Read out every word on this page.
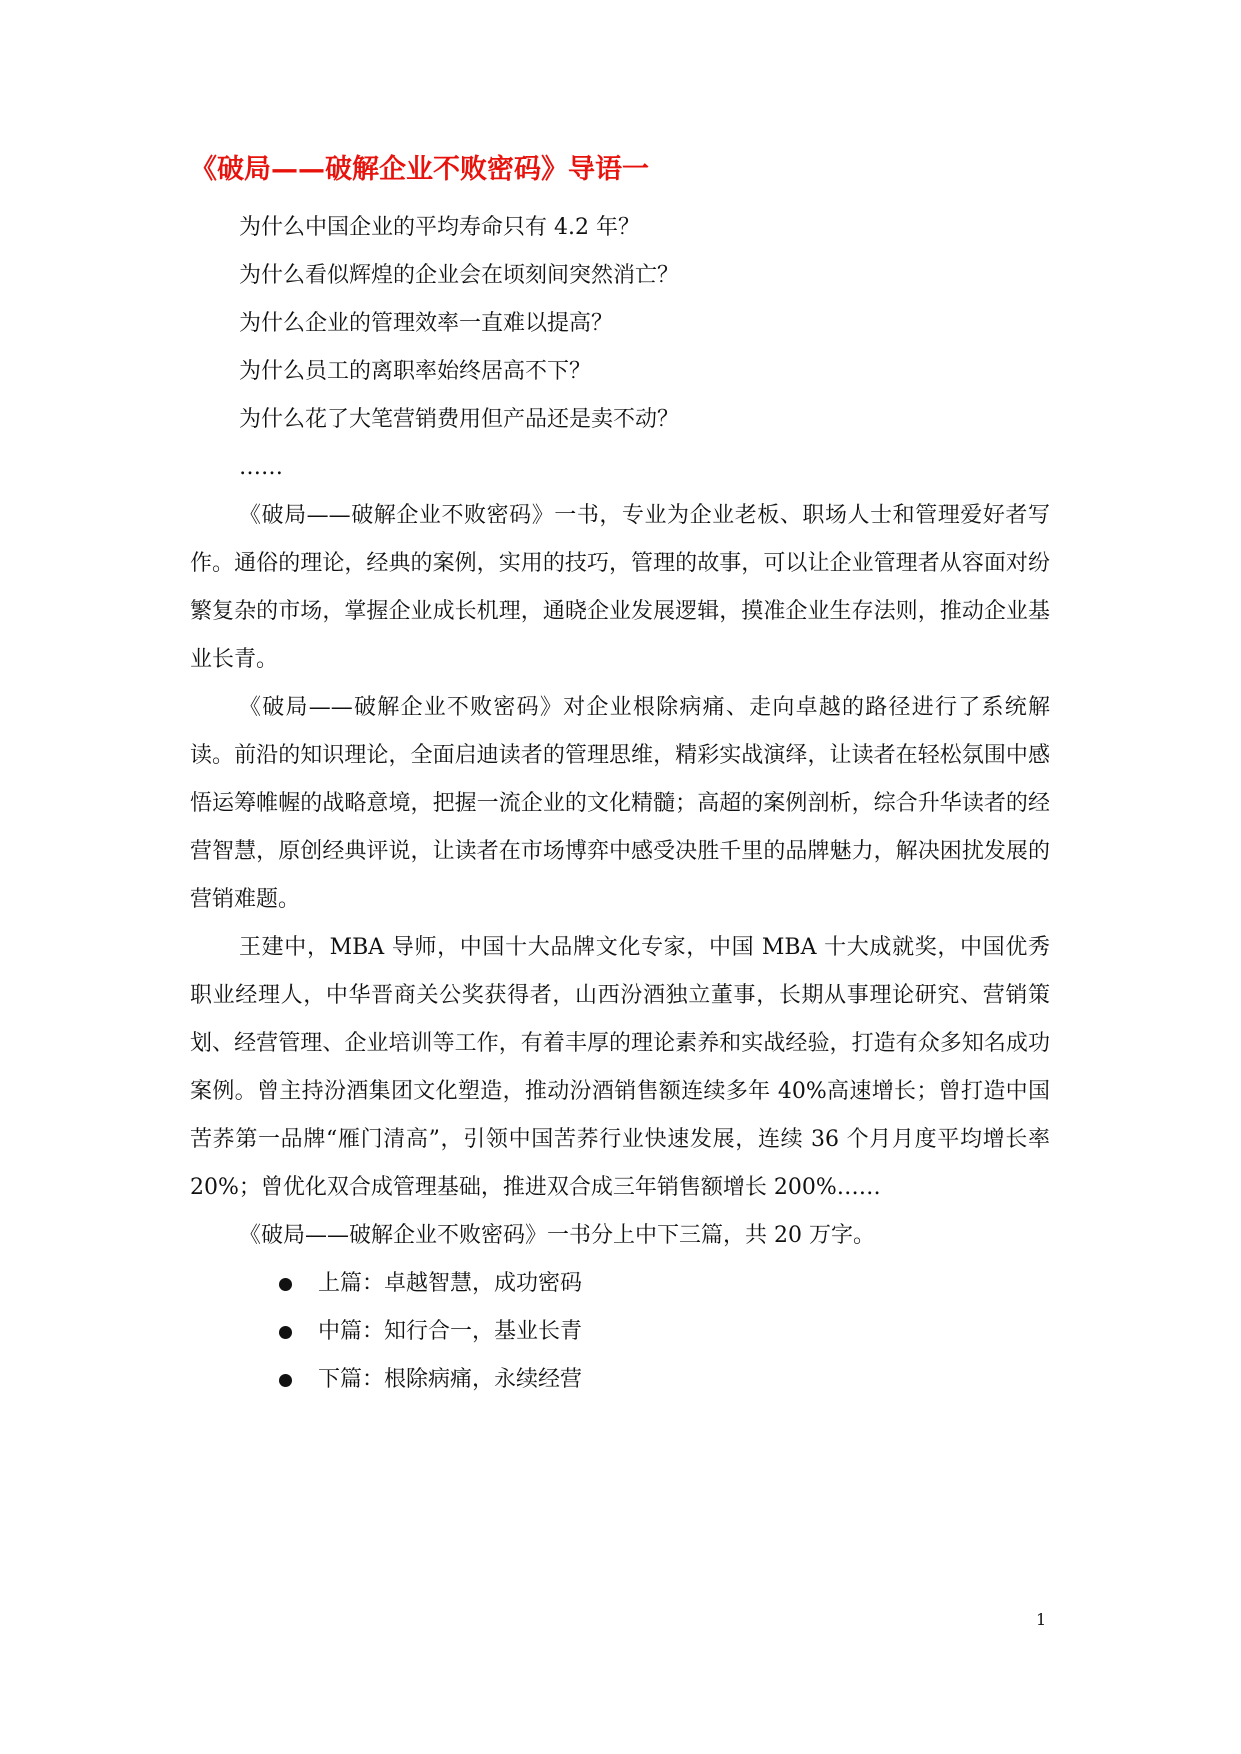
《破局——破解企业不败密码》导语一
为什么中国企业的平均寿命只有 4.2 年？
为什么看似辉煌的企业会在顷刻间突然消亡？
为什么企业的管理效率一直难以提高？
为什么员工的离职率始终居高不下？
为什么花了大笔营销费用但产品还是卖不动？
……

《破局——破解企业不败密码》一书，专业为企业老板、职场人士和管理爱好者写作。通俗的理论，经典的案例，实用的技巧，管理的故事，可以让企业管理者从容面对纷繁复杂的市场，掌握企业成长机理，通晓企业发展逻辑，摸准企业生存法则，推动企业基业长青。

《破局——破解企业不败密码》对企业根除病痛、走向卓越的路径进行了系统解读。前沿的知识理论，全面启迪读者的管理思维，精彩实战演绎，让读者在轻松氛围中感悟运筹帷幄的战略意境，把握一流企业的文化精髓；高超的案例剖析，综合升华读者的经营智慧，原创经典评说，让读者在市场博弈中感受决胜千里的品牌魅力，解决困扰发展的营销难题。

王建中，MBA 导师，中国十大品牌文化专家，中国 MBA 十大成就奖，中国优秀职业经理人，中华晋商关公奖获得者，山西汾酒独立董事，长期从事理论研究、营销策划、经营管理、企业培训等工作，有着丰厚的理论素养和实战经验，打造有众多知名成功案例。曾主持汾酒集团文化塑造，推动汾酒销售额连续多年 40%高速增长；曾打造中国苦荞第一品牌“雁门清高”，引领中国苦荞行业快速发展，连续 36 个月月度平均增长率 20%；曾优化双合成管理基础，推进双合成三年销售额增长 200%……

《破局——破解企业不败密码》一书分上中下三篇，共 20 万字。

上篇：卓越智慧，成功密码
中篇：知行合一，基业长青
下篇：根除病痛，永续经营
1
